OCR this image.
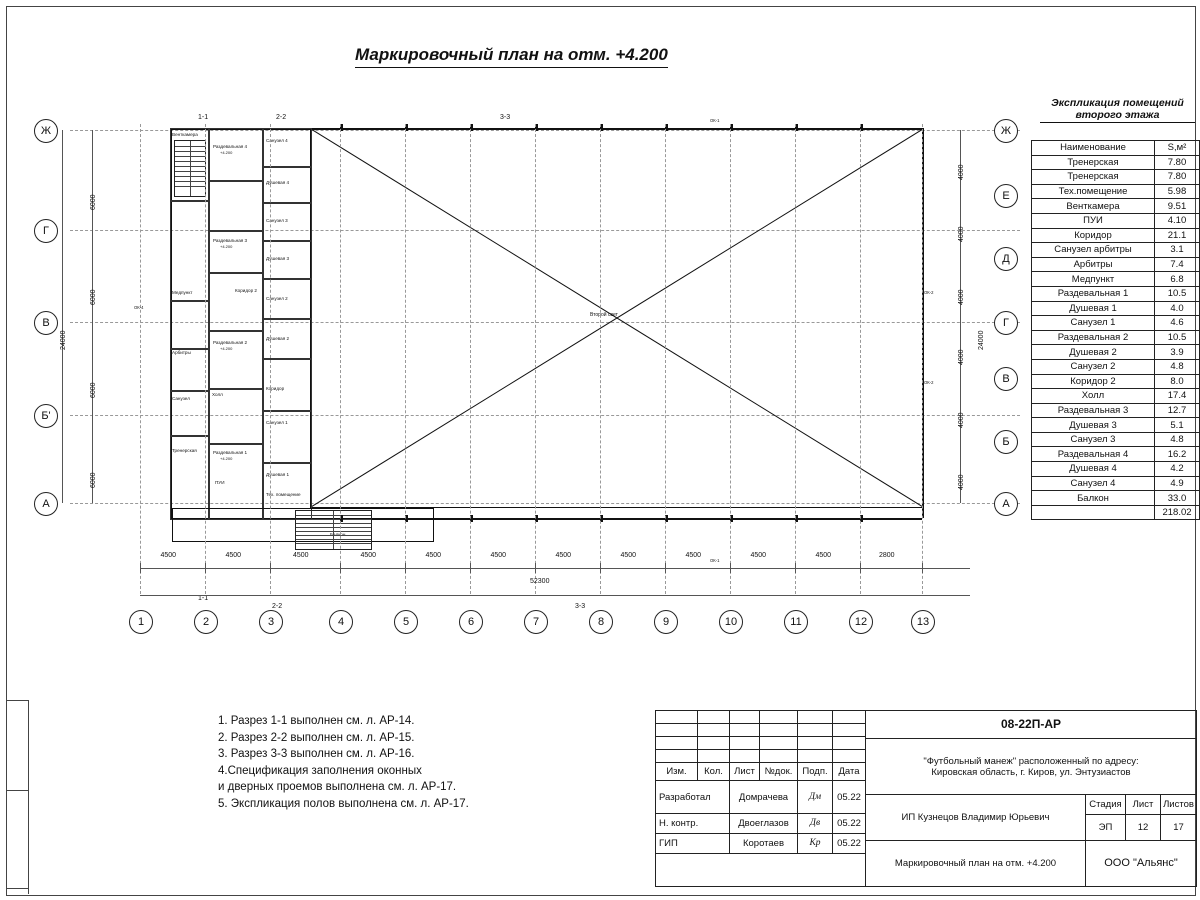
Маркировочный план на отм. +4.200
Экспликация помещений
второго этажа
Наименование	S,м²
Тренерская	7.80
Тренерская	7.80
Тех.помещение	5.98
Венткамера	9.51
ПУИ	4.10
Коридор	21.1
Санузел арбитры	3.1
Арбитры	7.4
Медпункт	6.8
Раздевальная 1	10.5
Душевая 1	4.0
Санузел 1	4.6
Раздевальная 2	10.5
Душевая 2	3.9
Санузел 2	4.8
Коридор 2	8.0
Холл	17.4
Раздевальная 3	12.7
Душевая 3	5.1
Санузел 3	4.8
Раздевальная 4	16.2
Душевая 4	4.2
Санузел 4	4.9
Балкон	33.0
	218.02
Ж
Г
В
Б'
А
Ж
Е
Д
Г
В
Б
А
6000
6000
6000
6000
24000
4000
4000
4000
4000
4000
4000
24000
Второй свет
Венткамера
Раздевальная 4
+4.200
Санузел 4
Душевая 4
Санузел 3
Душевая 3
Раздевальная 3
+4.200
Коридор 2
Медпункт
Раздевальная 2
+4.200
Санузел 2
Душевая 2
Арбитры
Санузел
Холл
Коридор
Раздевальная 1
+4.200
Санузел 1
Душевая 1
Тренерская
ПУИ
Тех. помещение
Балкон
1-1	2-2	3-3
1-1
2-2	3-3
1	2	3	4	5	6	7	8	9	10	11	12	13
52300
4500	4500	4500	4500	4500	4500	4500	4500	4500	4500	4500	2800
ОК-1
ОК-1
ОК-2
ОК-2
ОК-4
1. Разрез 1-1 выполнен см. л. АР-14.
2. Разрез 2-2 выполнен см. л. АР-15.
3. Разрез 3-3 выполнен см. л. АР-16.
4.Спецификация заполнения оконных
и дверных проемов выполнена см. л. АР-17.
5. Экспликация полов выполнена см. л. АР-17.
Изм.	Кол.	Лист	№док.	Подп.	Дата
Разработал	Домрачева	Дм	05.22
Н. контр.	Двоеглазов	Дв	05.22
ГИП	Коротаев	Кр	05.22
08-22П-АР
"Футбольный манеж" расположенный по адресу:
Кировская область, г. Киров, ул. Энтузиастов
ИП Кузнецов Владимир Юрьевич
Стадия	Лист	Листов
ЭП	12	17
Маркировочный план на отм. +4.200	ООО "Альянс"
